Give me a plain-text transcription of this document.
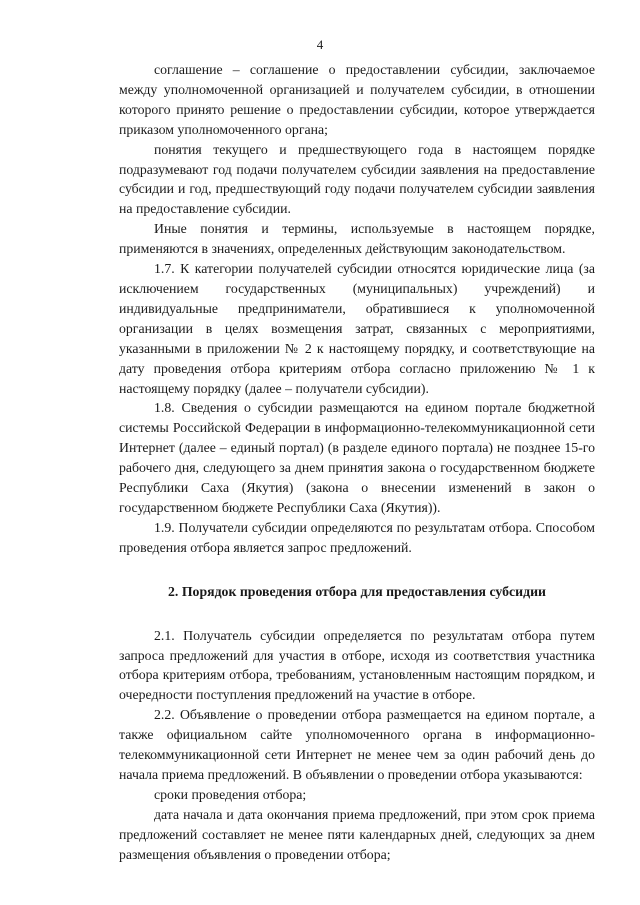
4

соглашение – соглашение о предоставлении субсидии, заключаемое между уполномоченной организацией и получателем субсидии, в отношении которого принято решение о предоставлении субсидии, которое утверждается приказом уполномоченного органа;

понятия текущего и предшествующего года в настоящем порядке подразумевают год подачи получателем субсидии заявления на предоставление субсидии и год, предшествующий году подачи получателем субсидии заявления на предоставление субсидии.

Иные понятия и термины, используемые в настоящем порядке, применяются в значениях, определенных действующим законодательством.

1.7. К категории получателей субсидии относятся юридические лица (за исключением государственных (муниципальных) учреждений) и индивидуальные предприниматели, обратившиеся к уполномоченной организации в целях возмещения затрат, связанных с мероприятиями, указанными в приложении № 2 к настоящему порядку, и соответствующие на дату проведения отбора критериям отбора согласно приложению № 1 к настоящему порядку (далее – получатели субсидии).

1.8. Сведения о субсидии размещаются на едином портале бюджетной системы Российской Федерации в информационно-телекоммуникационной сети Интернет (далее – единый портал) (в разделе единого портала) не позднее 15-го рабочего дня, следующего за днем принятия закона о государственном бюджете Республики Саха (Якутия) (закона о внесении изменений в закон о государственном бюджете Республики Саха (Якутия)).

1.9. Получатели субсидии определяются по результатам отбора. Способом проведения отбора является запрос предложений.

2. Порядок проведения отбора для предоставления субсидии

2.1. Получатель субсидии определяется по результатам отбора путем запроса предложений для участия в отборе, исходя из соответствия участника отбора критериям отбора, требованиям, установленным настоящим порядком, и очередности поступления предложений на участие в отборе.

2.2. Объявление о проведении отбора размещается на едином портале, а также официальном сайте уполномоченного органа в информационно-телекоммуникационной сети Интернет не менее чем за один рабочий день до начала приема предложений. В объявлении о проведении отбора указываются:

сроки проведения отбора;

дата начала и дата окончания приема предложений, при этом срок приема предложений составляет не менее пяти календарных дней, следующих за днем размещения объявления о проведении отбора;
